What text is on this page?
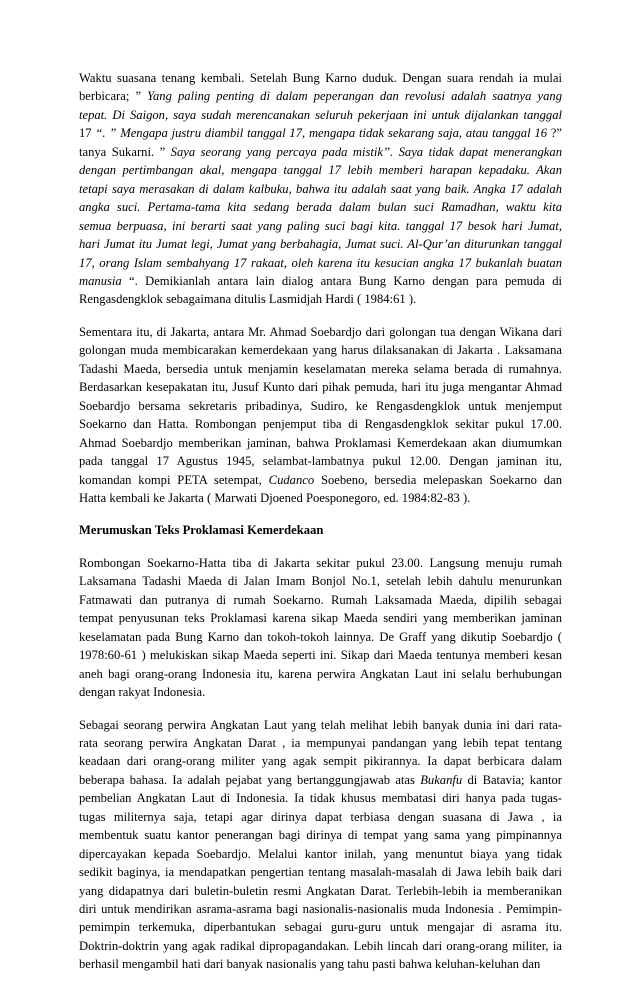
Waktu suasana tenang kembali. Setelah Bung Karno duduk. Dengan suara rendah ia mulai
berbicara; ” Yang paling penting di dalam peperangan dan revolusi adalah saatnya yang
tepat. Di Saigon, saya sudah merencanakan seluruh pekerjaan ini untuk dijalankan tanggal
17 “. ” Mengapa justru diambil tanggal 17, mengapa tidak sekarang saja, atau tanggal 16 ?”
tanya Sukarni. ” Saya seorang yang percaya pada mistik’’. Saya tidak dapat menerangkan
dengan pertimbangan akal, mengapa tanggal 17 lebih memberi harapan kepadaku. Akan
tetapi saya merasakan di dalam kalbuku, bahwa itu adalah saat yang baik. Angka 17 adalah
angka suci. Pertama-tama kita sedang berada dalam bulan suci Ramadhan, waktu kita
semua berpuasa, ini berarti saat yang paling suci bagi kita. tanggal 17 besok hari Jumat,
hari Jumat itu Jumat legi, Jumat yang berbahagia, Jumat suci. Al-Qur’an diturunkan tanggal
17, orang Islam sembahyang 17 rakaat, oleh karena itu kesucian angka 17 bukanlah buatan
manusia “. Demikianlah antara lain dialog antara Bung Karno dengan para pemuda di
Rengasdengklok sebagaimana ditulis Lasmidjah Hardi ( 1984:61 ).
Sementara itu, di Jakarta, antara Mr. Ahmad Soebardjo dari golongan tua dengan Wikana dari
golongan muda membicarakan kemerdekaan yang harus dilaksanakan di Jakarta . Laksamana
Tadashi Maeda, bersedia untuk menjamin keselamatan mereka selama berada di rumahnya.
Berdasarkan kesepakatan itu, Jusuf Kunto dari pihak pemuda, hari itu juga mengantar Ahmad
Soebardjo bersama sekretaris pribadinya, Sudiro, ke Rengasdengklok untuk menjemput
Soekarno dan Hatta. Rombongan penjemput tiba di Rengasdengklok sekitar pukul 17.00.
Ahmad Soebardjo memberikan jaminan, bahwa Proklamasi Kemerdekaan akan diumumkan
pada tanggal 17 Agustus 1945, selambat-lambatnya pukul 12.00. Dengan jaminan itu,
komandan kompi PETA setempat, Cudanco Soebeno, bersedia melepaskan Soekarno dan
Hatta kembali ke Jakarta ( Marwati Djoened Poesponegoro, ed. 1984:82-83 ).
Merumuskan Teks Proklamasi Kemerdekaan
Rombongan Soekarno-Hatta tiba di Jakarta sekitar pukul 23.00. Langsung menuju rumah
Laksamana Tadashi Maeda di Jalan Imam Bonjol No.1, setelah lebih dahulu menurunkan
Fatmawati dan putranya di rumah Soekarno. Rumah Laksamada Maeda, dipilih sebagai
tempat penyusunan teks Proklamasi karena sikap Maeda sendiri yang memberikan jaminan
keselamatan pada Bung Karno dan tokoh-tokoh lainnya. De Graff yang dikutip Soebardjo (
1978:60-61 ) melukiskan sikap Maeda seperti ini. Sikap dari Maeda tentunya memberi kesan
aneh bagi orang-orang Indonesia itu, karena perwira Angkatan Laut ini selalu berhubungan
dengan rakyat Indonesia.
Sebagai seorang perwira Angkatan Laut yang telah melihat lebih banyak dunia ini dari rata-
rata seorang perwira Angkatan Darat , ia mempunyai pandangan yang lebih tepat tentang
keadaan dari orang-orang militer yang agak sempit pikirannya. Ia dapat berbicara dalam
beberapa bahasa. Ia adalah pejabat yang bertanggungjawab atas Bukanfu di Batavia; kantor
pembelian Angkatan Laut di Indonesia. Ia tidak khusus membatasi diri hanya pada tugas-
tugas militernya saja, tetapi agar dirinya dapat terbiasa dengan suasana di Jawa , ia
membentuk suatu kantor penerangan bagi dirinya di tempat yang sama yang pimpinannya
dipercayakan kepada Soebardjo. Melalui kantor inilah, yang menuntut biaya yang tidak
sedikit baginya, ia mendapatkan pengertian tentang masalah-masalah di Jawa lebih baik dari
yang didapatnya dari buletin-buletin resmi Angkatan Darat. Terlebih-lebih ia memberanikan
diri untuk mendirikan asrama-asrama bagi nasionalis-nasionalis muda Indonesia . Pemimpin-
pemimpin terkemuka, diperbantukan sebagai guru-guru untuk mengajar di asrama itu.
Doktrin-doktrin yang agak radikal dipropagandakan. Lebih lincah dari orang-orang militer, ia
berhasil mengambil hati dari banyak nasionalis yang tahu pasti bahwa keluhan-keluhan dan
